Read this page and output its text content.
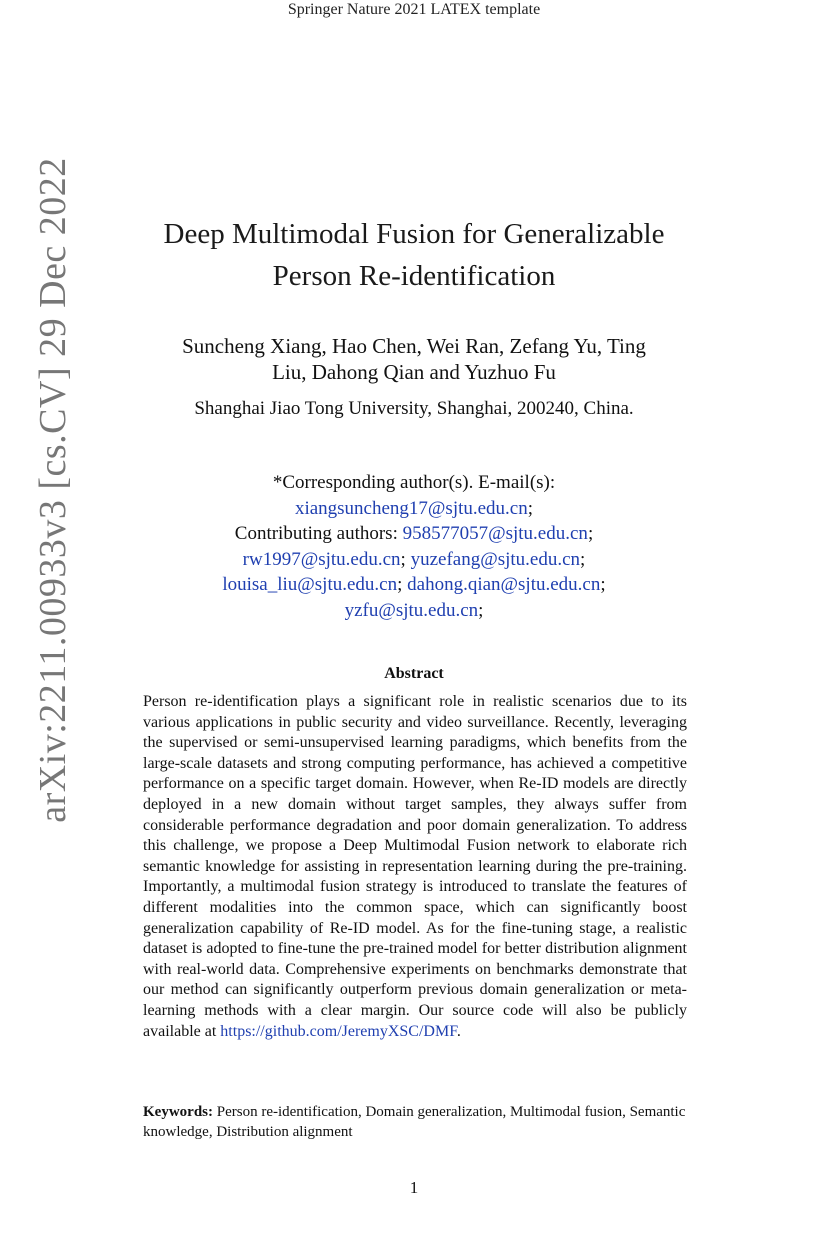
Springer Nature 2021 LATEX template
arXiv:2211.00933v3 [cs.CV] 29 Dec 2022	Deep Multimodal Fusion for Generalizable
Person Re-identification
Suncheng Xiang, Hao Chen, Wei Ran, Zefang Yu, Ting
Liu, Dahong Qian and Yuzhuo Fu
Shanghai Jiao Tong University, Shanghai, 200240, China.
*Corresponding author(s). E-mail(s):
xiangsuncheng17@sjtu.edu.cn;
Contributing authors: 958577057@sjtu.edu.cn;
rw1997@sjtu.edu.cn; yuzefang@sjtu.edu.cn;
louisa_liu@sjtu.edu.cn; dahong.qian@sjtu.edu.cn;
yzfu@sjtu.edu.cn;
Abstract
Person re-identification plays a significant role in realistic scenarios due to its various applications in public security and video surveillance. Recently, leveraging the supervised or semi-unsupervised learning paradigms, which benefits from the large-scale datasets and strong computing performance, has achieved a competitive performance on a specific target domain. However, when Re-ID models are directly deployed in a new domain without target samples, they always suffer from considerable performance degradation and poor domain generalization. To address this challenge, we propose a Deep Multimodal Fusion network to elaborate rich semantic knowledge for assisting in representation learning during the pre-training. Importantly, a multimodal fusion strategy is introduced to translate the features of different modalities into the common space, which can significantly boost generalization capability of Re-ID model. As for the fine-tuning stage, a realistic dataset is adopted to fine-tune the pre-trained model for better distribution alignment with real-world data. Comprehensive experiments on benchmarks demonstrate that our method can significantly outperform previous domain generalization or meta-learning methods with a clear margin. Our source code will also be publicly available at https://github.com/JeremyXSC/DMF.
Keywords: Person re-identification, Domain generalization, Multimodal fusion, Semantic knowledge, Distribution alignment
1
